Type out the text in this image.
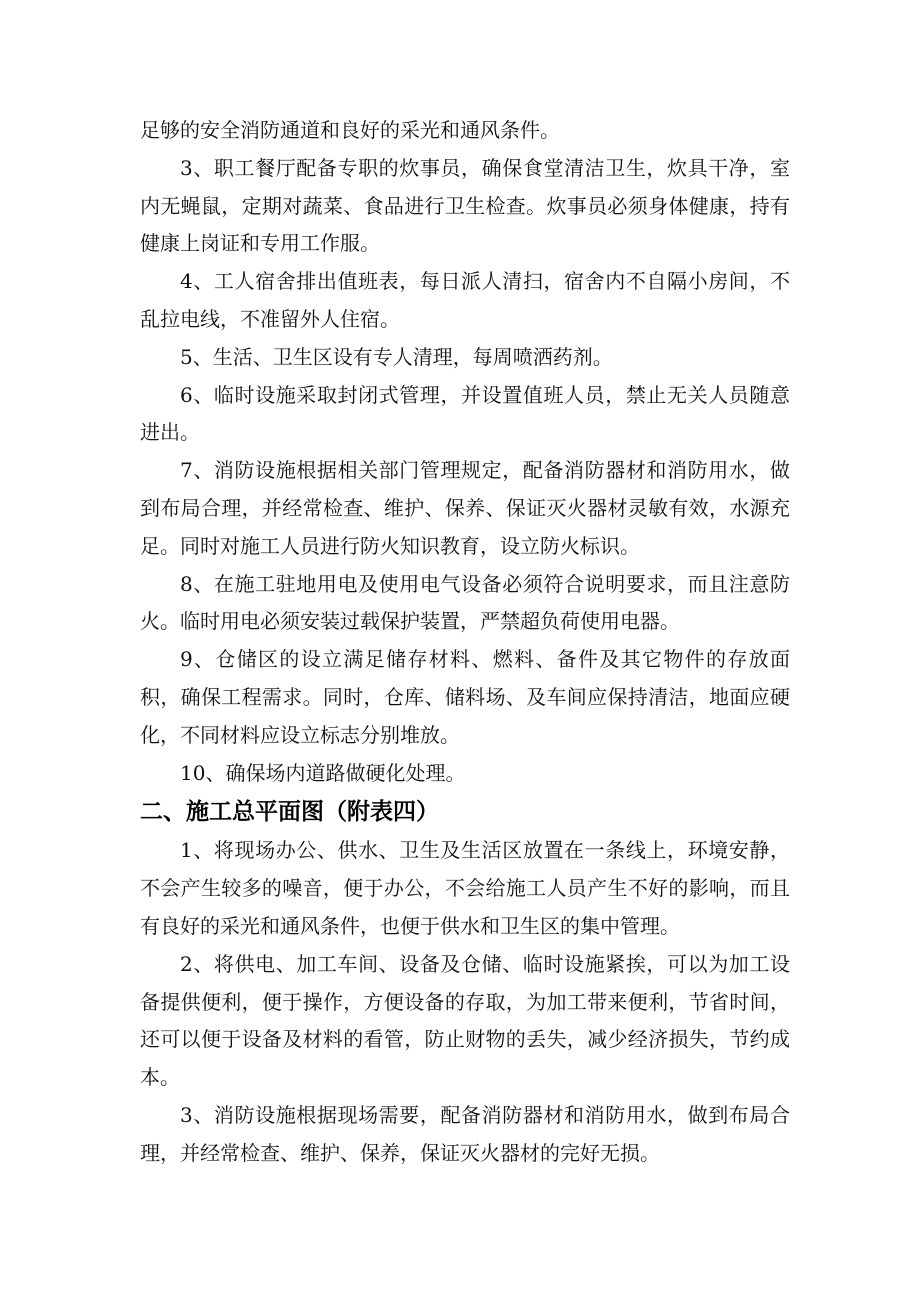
足够的安全消防通道和良好的采光和通风条件。

3、职工餐厅配备专职的炊事员，确保食堂清洁卫生，炊具干净，室内无蝇鼠，定期对蔬菜、食品进行卫生检查。炊事员必须身体健康，持有健康上岗证和专用工作服。

4、工人宿舍排出值班表，每日派人清扫，宿舍内不自隔小房间，不乱拉电线，不准留外人住宿。

5、生活、卫生区设有专人清理，每周喷洒药剂。

6、临时设施采取封闭式管理，并设置值班人员，禁止无关人员随意进出。

7、消防设施根据相关部门管理规定，配备消防器材和消防用水，做到布局合理，并经常检查、维护、保养、保证灭火器材灵敏有效，水源充足。同时对施工人员进行防火知识教育，设立防火标识。

8、在施工驻地用电及使用电气设备必须符合说明要求，而且注意防火。临时用电必须安装过载保护装置，严禁超负荷使用电器。

9、仓储区的设立满足储存材料、燃料、备件及其它物件的存放面积，确保工程需求。同时，仓库、储料场、及车间应保持清洁，地面应硬化，不同材料应设立标志分别堆放。

10、确保场内道路做硬化处理。

二、施工总平面图（附表四）

1、将现场办公、供水、卫生及生活区放置在一条线上，环境安静，不会产生较多的噪音，便于办公，不会给施工人员产生不好的影响，而且有良好的采光和通风条件，也便于供水和卫生区的集中管理。

2、将供电、加工车间、设备及仓储、临时设施紧挨，可以为加工设备提供便利，便于操作，方便设备的存取，为加工带来便利，节省时间，还可以便于设备及材料的看管，防止财物的丢失，减少经济损失，节约成本。

3、消防设施根据现场需要，配备消防器材和消防用水，做到布局合理，并经常检查、维护、保养，保证灭火器材的完好无损。
